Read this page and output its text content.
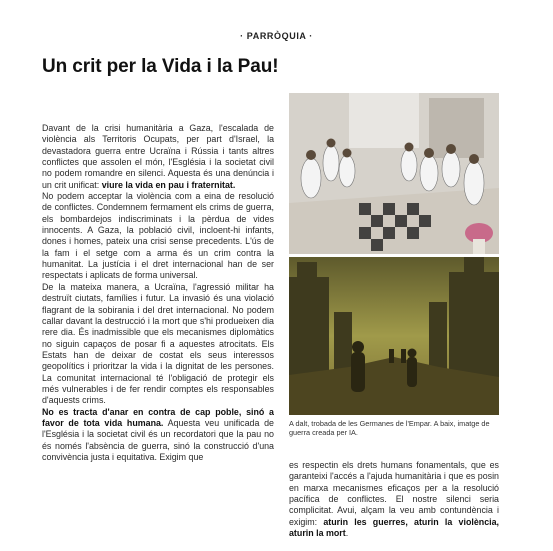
· PARRÒQUIA ·
Un crit per la Vida i la Pau!

Davant de la crisi humanitària a Gaza, l'escalada de violència als Territoris Ocupats, per part d'Israel, la devastadora guerra entre Ucraïna i Rússia i tants altres conflictes que assolen el món, l'Església i la societat civil no podem romandre en silenci. Aquesta és una denúncia i un crit unificat: viure la vida en pau i fraternitat.

No podem acceptar la violència com a eina de resolució de conflictes. Condemnem fermament els crims de guerra, els bombardejos indiscriminats i la pèrdua de vides innocents. A Gaza, la població civil, incloent-hi infants, dones i homes, pateix una crisi sense precedents. L'ús de la fam i el setge com a arma és un crim contra la humanitat. La justícia i el dret internacional han de ser respectats i aplicats de forma universal.

De la mateixa manera, a Ucraïna, l'agressió militar ha destruït ciutats, famílies i futur. La invasió és una violació flagrant de la sobirania i del dret internacional. No podem callar davant la destrucció i la mort que s'hi produeixen dia rere dia. És inadmissible que els mecanismes diplomàtics no siguin capaços de posar fi a aquestes atrocitats. Els Estats han de deixar de costat els seus interessos geopolítics i prioritzar la vida i la dignitat de les persones. La comunitat internacional té l'obligació de protegir els més vulnerables i de fer rendir comptes els responsables d'aquests crims.

No es tracta d'anar en contra de cap poble, sinó a favor de tota vida humana. Aquesta veu unificada de l'Església i la societat civil és un recordatori que la pau no és només l'absència de guerra, sinó la construcció d'una convivència justa i equitativa. Exigim que

A dalt, trobada de les Germanes de l'Empar. A baix, imatge de guerra creada per IA.

es respectin els drets humans fonamentals, que es garanteixi l'accés a l'ajuda humanitària i que es posin en marxa mecanismes eficaços per a la resolució pacífica de conflictes. El nostre silenci seria complicitat. Avui, alçam la veu amb contundència i exigim: aturin les guerres, aturin la violència, aturin la mort.
